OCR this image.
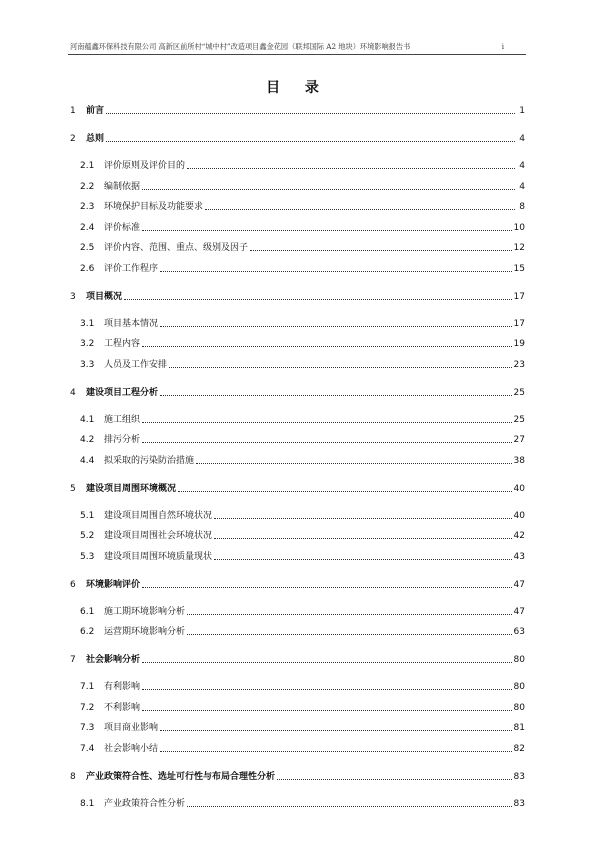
河南蕴鑫环保科技有限公司 高新区前所村“城中村”改造项目鑫金花园（联邦国际 A2 地块）环境影响报告书	i
目 录
1	前言	1
2	总则	4
2.1	评价原则及评价目的	4
2.2	编制依据	4
2.3	环境保护目标及功能要求	8
2.4	评价标准	10
2.5	评价内容、范围、重点、级别及因子	12
2.6	评价工作程序	15
3	项目概况	17
3.1	项目基本情况	17
3.2	工程内容	19
3.3	人员及工作安排	23
4	建设项目工程分析	25
4.1	施工组织	25
4.2	排污分析	27
4.4	拟采取的污染防治措施	38
5	建设项目周围环境概况	40
5.1	建设项目周围自然环境状况	40
5.2	建设项目周围社会环境状况	42
5.3	建设项目周围环境质量现状	43
6	环境影响评价	47
6.1	施工期环境影响分析	47
6.2	运营期环境影响分析	63
7	社会影响分析	80
7.1	有利影响	80
7.2	不利影响	80
7.3	项目商业影响	81
7.4	社会影响小结	82
8	产业政策符合性、选址可行性与布局合理性分析	83
8.1	产业政策符合性分析	83
